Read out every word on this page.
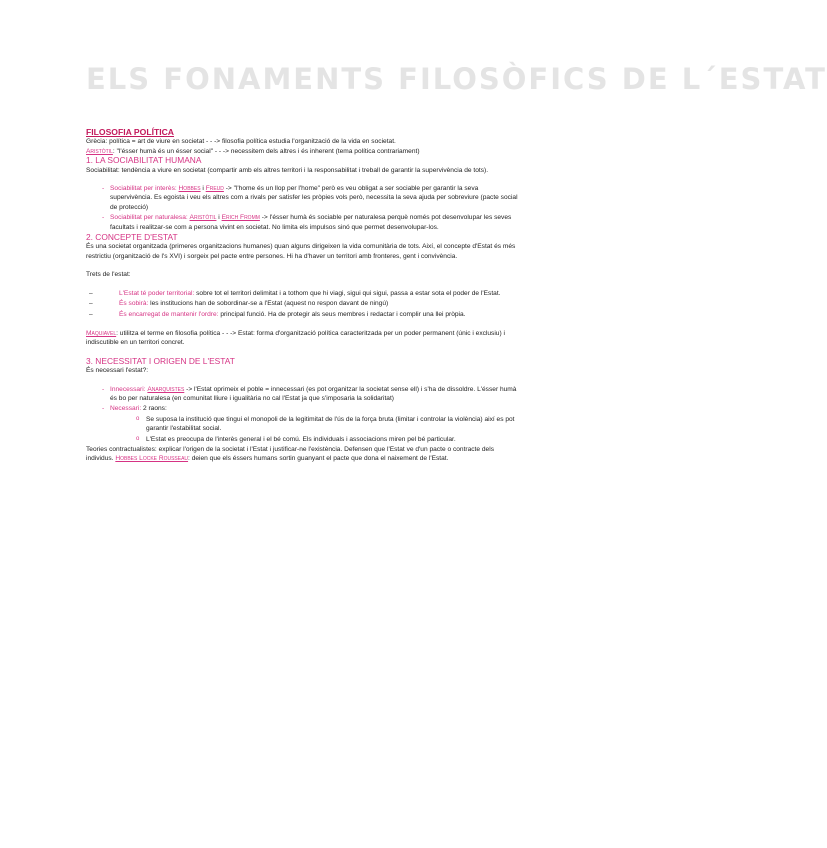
ELS FONAMENTS FILOSÒFICS DE L´ESTAT

FILOSOFIA POLÍTICA

Grècia: política = art de viure en societat - - -> filosofia política estudia l'organització de la vida en societat.

Aristòtil: "l'ésser humà és un ésser social" - - -> necessitem dels altres i és inherent (tema política contrariament)

1. LA SOCIABILITAT HUMANA

Sociabilitat: tendència a viure en societat (compartir amb els altres territori i la responsabilitat i treball de garantir la supervivència de tots).

- Sociabilitat per interès: Hobbes i Freud -> "l'home és un llop per l'home" però es veu obligat a ser sociable per garantir la seva supervivència. Es egoista i veu els altres com a rivals per satisfer les pròpies vols però, necessita la seva ajuda per sobreviure (pacte social de protecció)
- Sociabilitat per naturalesa: Aristòtil i Erich Fromm -> l'ésser humà és sociable per naturalesa perquè només pot desenvolupar les seves facultats i realitzar-se com a persona vivint en societat. No limita els impulsos sinó que permet desenvolupar-los.

2. CONCEPTE D'ESTAT

És una societat organitzada (primeres organitzacions humanes) quan alguns dirigeixen la vida comunitària de tots. Així, el concepte d'Estat és més restrictiu (organització de l's XVI) i sorgeix pel pacte entre persones. Hi ha d'haver un territori amb fronteres, gent i convivència.

Trets de l'estat:

– L'Estat té poder territorial: sobre tot el territori delimitat i a tothom que hi viagi, sigui qui sigui, passa a estar sota el poder de l'Estat.
– És sobirà: les institucions han de sobordinar-se a l'Estat (aquest no respon davant de ningú)
– És encarregat de mantenir l'ordre: principal funció. Ha de protegir als seus membres i redactar i complir una llei pròpia.

Maquiavel: utilitza el terme en filosofia política - - -> Estat: forma d'organització política caracteritzada per un poder permanent (únic i exclusiu) i indiscutible en un territori concret.

3. NECESSITAT I ORIGEN DE L'ESTAT

És necessari l'estat?:

- Innecessari: Anarquistes -> l'Estat oprimeix el poble = innecessari (es pot organitzar la societat sense ell) i s'ha de dissoldre. L'ésser humà és bo per naturalesa (en comunitat lliure i igualitària no cal l'Estat ja que s'imposaria la solidaritat)
- Necessari: 2 raons:
o Se suposa la institució que tingui el monopoli de la legitimitat de l'ús de la força bruta (limitar i controlar la violència) així es pot garantir l'estabilitat social.
o L'Estat es preocupa de l'interès general i el bé comú. Els individuals i associacions miren pel bé particular.

Teories contractualistes: explicar l'origen de la societat i l'Estat i justificar-ne l'existència. Defensen que l'Estat ve d'un pacte o contracte dels individus. Hobbes Locke Rousseau: deien que els éssers humans sortin guanyant el pacte que dona el naixement de l'Estat.
